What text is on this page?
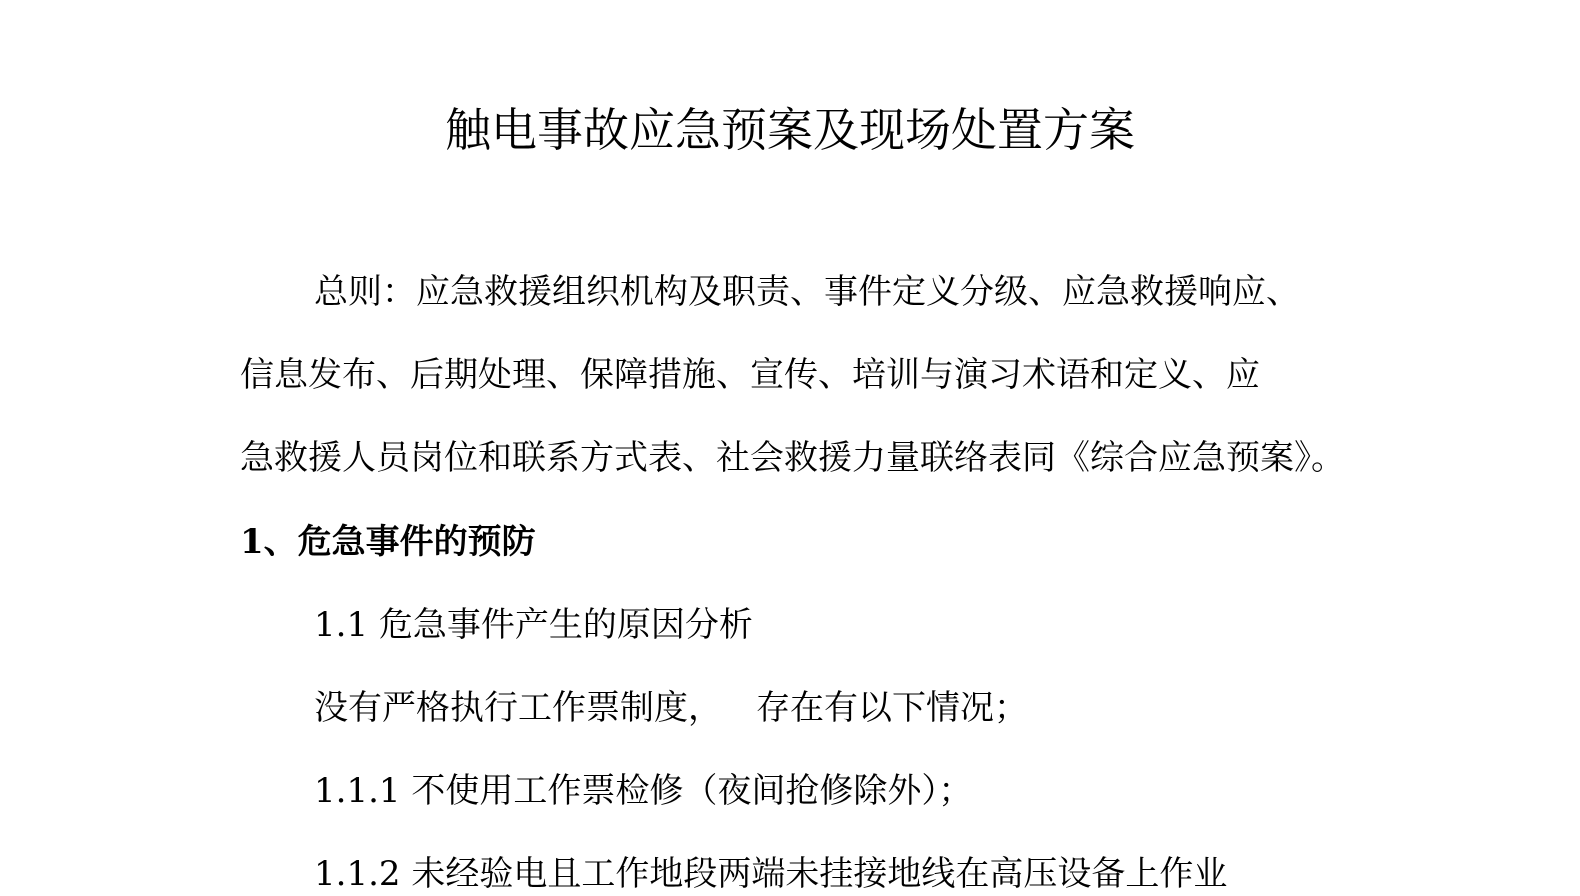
触电事故应急预案及现场处置方案
总则：应急救援组织机构及职责、事件定义分级、应急救援响应、
信息发布、后期处理、保障措施、宣传、培训与演习术语和定义、应
急救援人员岗位和联系方式表、社会救援力量联络表同《综合应急预案》。
1、危急事件的预防
1.1 危急事件产生的原因分析
没有严格执行工作票制度， 存在有以下情况；
1.1.1 不使用工作票检修（夜间抢修除外）；
1.1.2 未经验电且工作地段两端未挂接地线在高压设备上作业
